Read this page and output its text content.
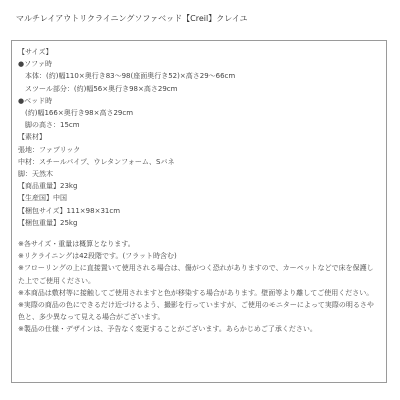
マルチレイアウトリクライニングソファベッド【Creil】クレイユ
【サイズ】
●ソファ時
本体：(約)幅110×奥行き83～98(座面奥行き52)×高さ29～66cm
スツール部分：(約)幅56×奥行き98×高さ29cm
●ベッド時
(約)幅166×奥行き98×高さ29cm
脚の高さ：15cm
【素材】
張地：ファブリック
中材：スチールパイプ、ウレタンフォーム、Sバネ
脚：天然木
【商品重量】23kg
【生産国】中国
【梱包サイズ】111×98×31cm
【梱包重量】25kg
※各サイズ・重量は概算となります。
※リクライニングは42段階です。(フラット時含む)
※フローリングの上に直接置いて使用される場合は、傷がつく恐れがありますので、カーペットなどで床を保護した上でご使用ください。
※本商品は敷材等に接触してご使用されますと色が移染する場合があります。壁面等より離してご使用ください。
※実際の商品の色にできるだけ近づけるよう、撮影を行っていますが、ご使用のモニターによって実際の明るさや色と、多少異なって見える場合がございます。
※製品の仕様・デザインは、予告なく変更することがございます。あらかじめご了承ください。
